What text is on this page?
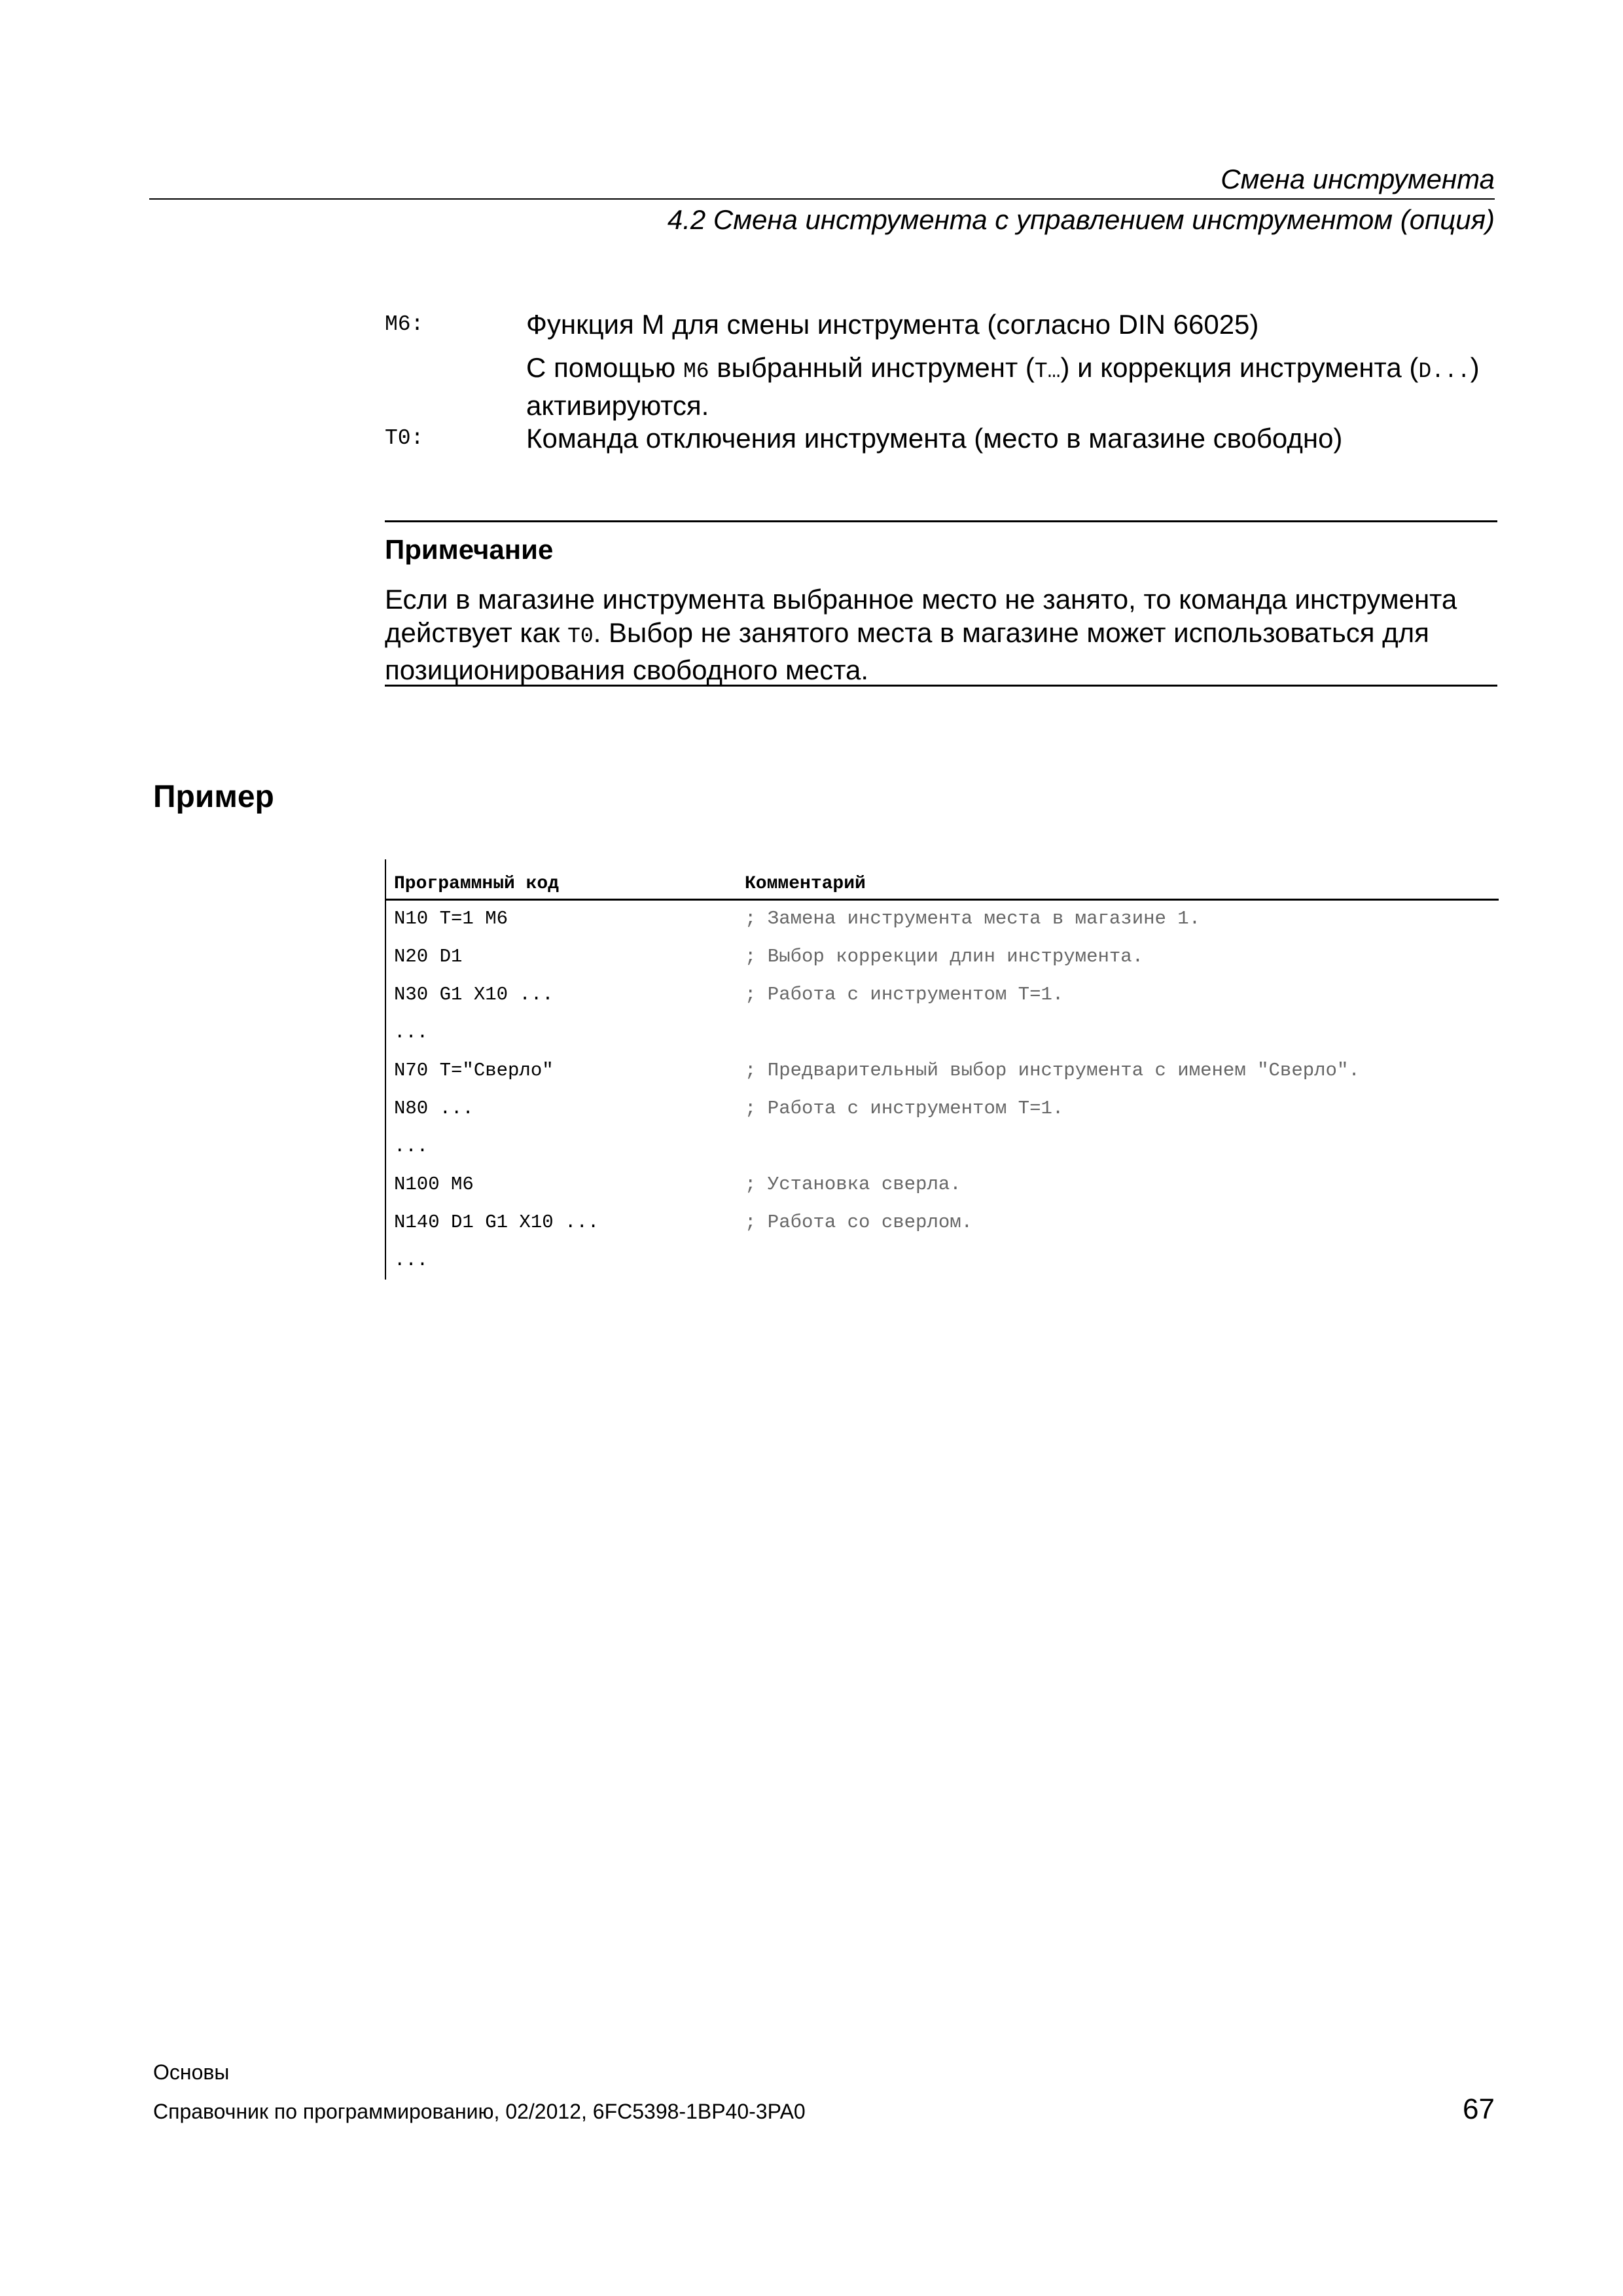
Смена инструмента
4.2 Смена инструмента с управлением инструментом (опция)
M6:	Функция M для смены инструмента (согласно DIN 66025)

С помощью M6 выбранный инструмент (T…) и коррекция инструмента (D...)

активируются.

T0:	Команда отключения инструмента (место в магазине свободно)

Примечание
Если в магазине инструмента выбранное место не занято, то команда инструмента
действует как T0. Выбор не занятого места в магазине может использоваться для
позиционирования свободного места.
Пример
Программный код	Комментарий
N10 T=1 M6	; Замена инструмента места в магазине 1.
N20 D1	; Выбор коррекции длин инструмента.
N30 G1 X10 ...	; Работа с инструментом T=1.
...
N70 T="Сверло"	; Предварительный выбор инструмента с именем "Сверло".
N80 ...	; Работа с инструментом T=1.
...
N100 M6	; Установка сверла.
N140 D1 G1 X10 ...	; Работа со сверлом.
...
Основы
Справочник по программированию, 02/2012, 6FC5398-1BP40-3PA0	67
